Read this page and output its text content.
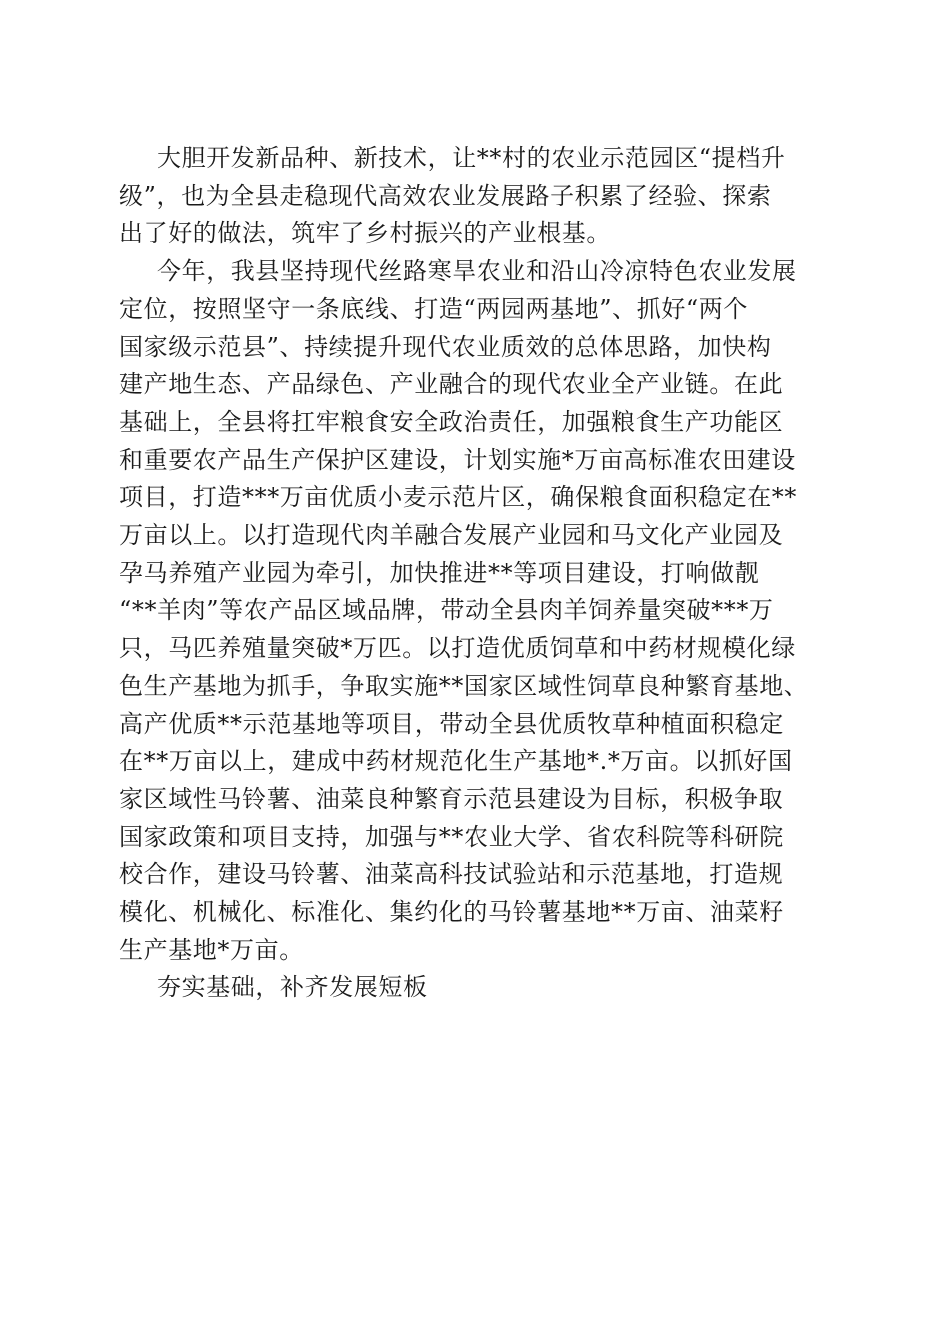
大胆开发新品种、新技术，让**村的农业示范园区“提档升
级”，也为全县走稳现代高效农业发展路子积累了经验、探索
出了好的做法，筑牢了乡村振兴的产业根基。

今年，我县坚持现代丝路寒旱农业和沿山冷凉特色农业发展
定位，按照坚守一条底线、打造“两园两基地”、抓好“两个
国家级示范县”、持续提升现代农业质效的总体思路，加快构
建产地生态、产品绿色、产业融合的现代农业全产业链。在此
基础上，全县将扛牢粮食安全政治责任，加强粮食生产功能区
和重要农产品生产保护区建设，计划实施*万亩高标准农田建设
项目，打造***万亩优质小麦示范片区，确保粮食面积稳定在**
万亩以上。以打造现代肉羊融合发展产业园和马文化产业园及
孕马养殖产业园为牵引，加快推进**等项目建设，打响做靓
“**羊肉”等农产品区域品牌，带动全县肉羊饲养量突破***万
只，马匹养殖量突破*万匹。以打造优质饲草和中药材规模化绿
色生产基地为抓手，争取实施**国家区域性饲草良种繁育基地、
高产优质**示范基地等项目，带动全县优质牧草种植面积稳定
在**万亩以上，建成中药材规范化生产基地*.*万亩。以抓好国
家区域性马铃薯、油菜良种繁育示范县建设为目标，积极争取
国家政策和项目支持，加强与**农业大学、省农科院等科研院
校合作，建设马铃薯、油菜高科技试验站和示范基地，打造规
模化、机械化、标准化、集约化的马铃薯基地**万亩、油菜籽
生产基地*万亩。

夯实基础，补齐发展短板
